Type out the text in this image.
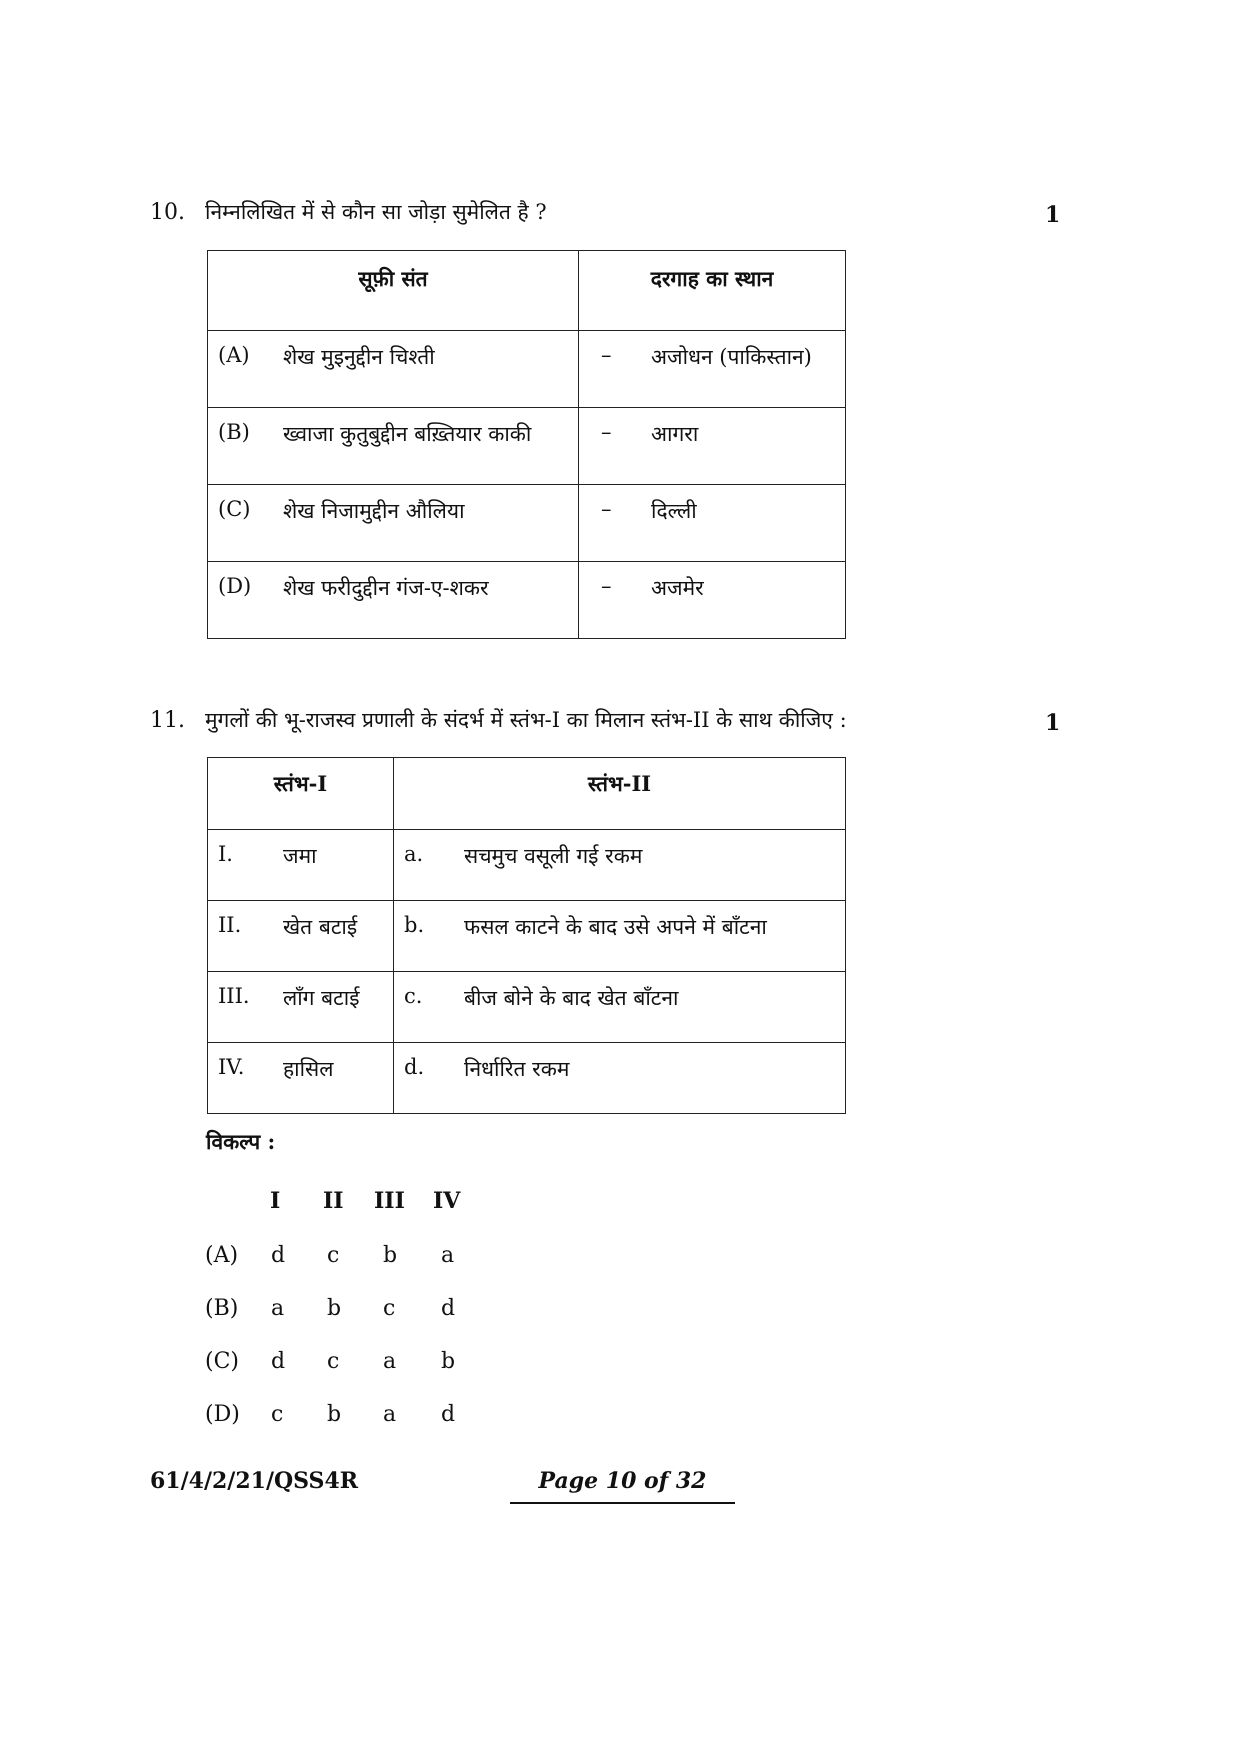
10. निम्नलिखित में से कौन सा जोड़ा सुमेलित है ?	1
सूफ़ी संत	दरगाह का स्थान

(A) शेख मुइनुद्दीन चिश्ती	– अजोधन (पाकिस्तान)

(B) ख्वाजा कुतुबुद्दीन बख़्तियार काकी	– आगरा

(C) शेख निजामुद्दीन औलिया	– दिल्ली

(D) शेख फरीदुद्दीन गंज-ए-शकर	– अजमेर
11. मुगलों की भू-राजस्व प्रणाली के संदर्भ में स्तंभ-I का मिलान स्तंभ-II के साथ कीजिए :	1
स्तंभ-I	स्तंभ-II

I. जमा	a. सचमुच वसूली गई रकम

II. खेत बटाई	b. फसल काटने के बाद उसे अपने में बाँटना

III. लाँग बटाई	c. बीज बोने के बाद खेत बाँटना

IV. हासिल	d. निर्धारित रकम
विकल्प :
I II III IV
(A) d c b a
(B) a b c d
(C) d c a b
(D) c b a d
61/4/2/21/QSS4R	Page 10 of 32
